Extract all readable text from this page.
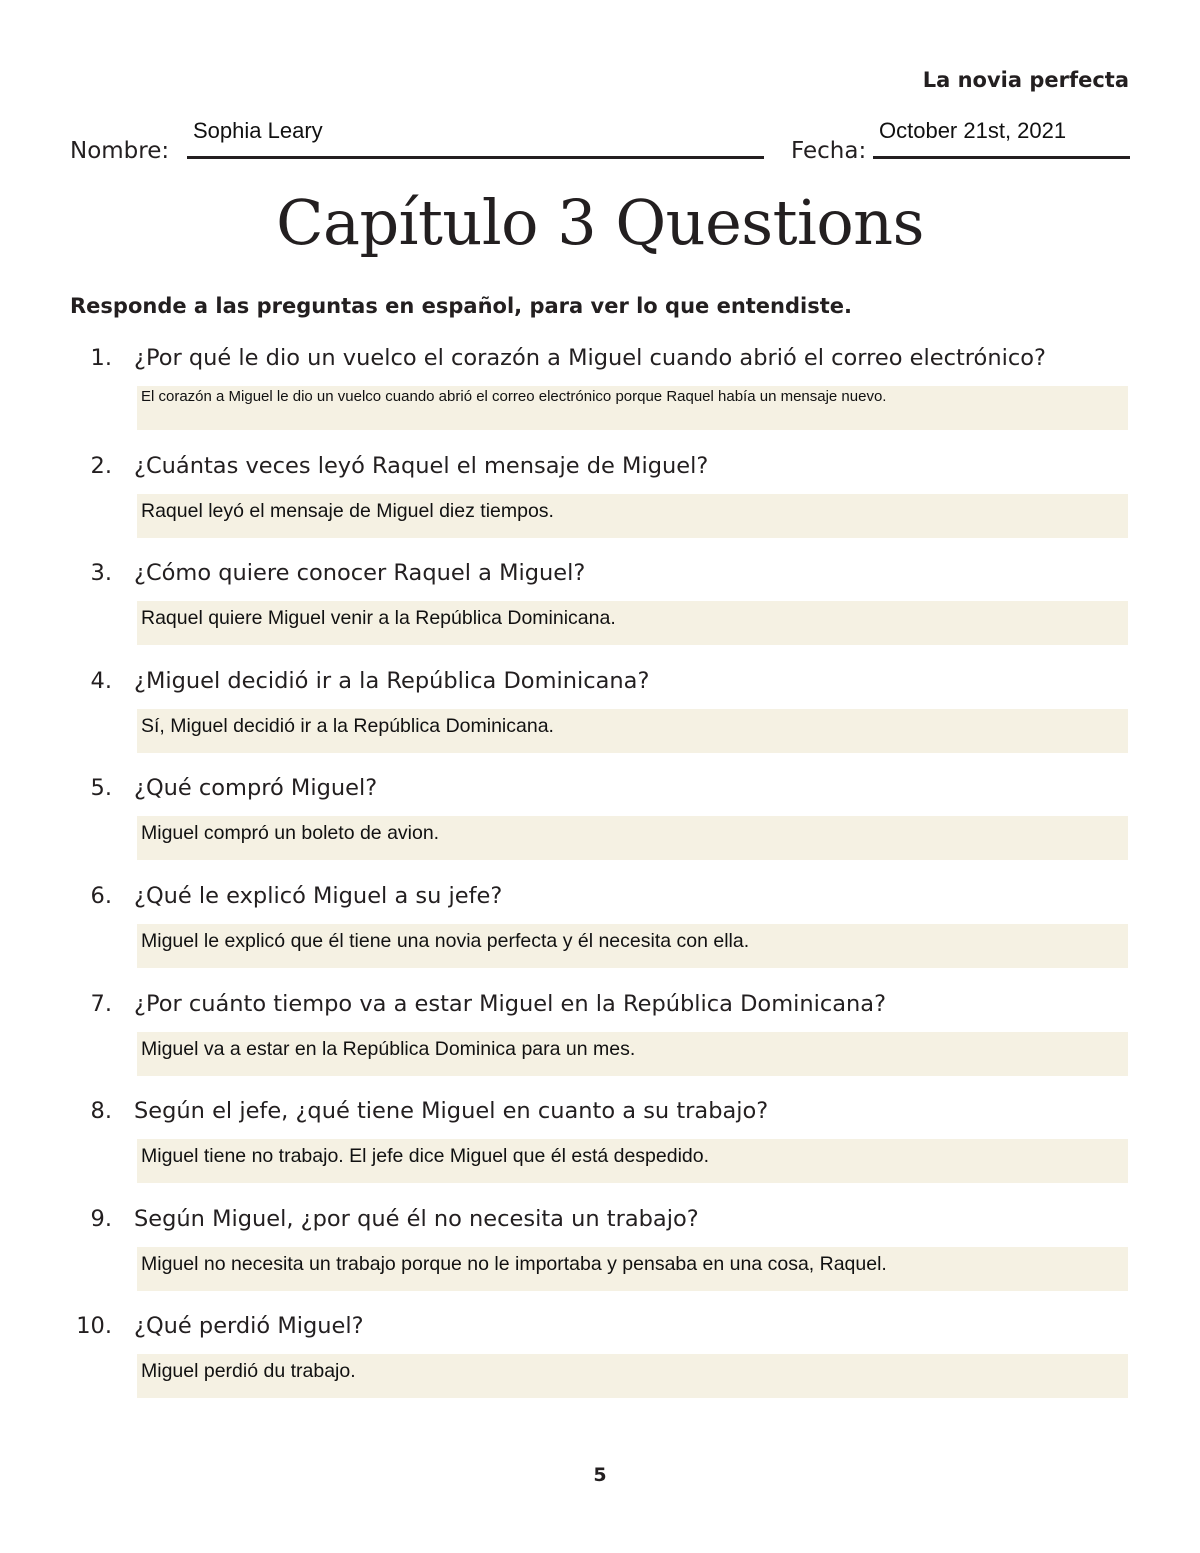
La novia perfecta
Nombre:
Sophia Leary
Fecha:
October 21st, 2021
Capítulo 3 Questions
Responde a las preguntas en español, para ver lo que entendiste.
1. ¿Por qué le dio un vuelco el corazón a Miguel cuando abrió el correo electrónico?
El corazón a Miguel le dio un vuelco cuando abrió el correo electrónico porque Raquel había un mensaje nuevo.
2. ¿Cuántas veces leyó Raquel el mensaje de Miguel?
Raquel leyó el mensaje de Miguel diez tiempos.
3. ¿Cómo quiere conocer Raquel a Miguel?
Raquel quiere Miguel venir a la República Dominicana.
4. ¿Miguel decidió ir a la República Dominicana?
Sí, Miguel decidió ir a la República Dominicana.
5. ¿Qué compró Miguel?
Miguel compró un boleto de avion.
6. ¿Qué le explicó Miguel a su jefe?
Miguel le explicó que él tiene una novia perfecta y él necesita con ella.
7. ¿Por cuánto tiempo va a estar Miguel en la República Dominicana?
Miguel va a estar en la República Dominica para un mes.
8. Según el jefe, ¿qué tiene Miguel en cuanto a su trabajo?
Miguel tiene no trabajo. El jefe dice Miguel que él está despedido.
9. Según Miguel, ¿por qué él no necesita un trabajo?
Miguel no necesita un trabajo porque no le importaba y pensaba en una cosa, Raquel.
10. ¿Qué perdió Miguel?
Miguel perdió du trabajo.
5
